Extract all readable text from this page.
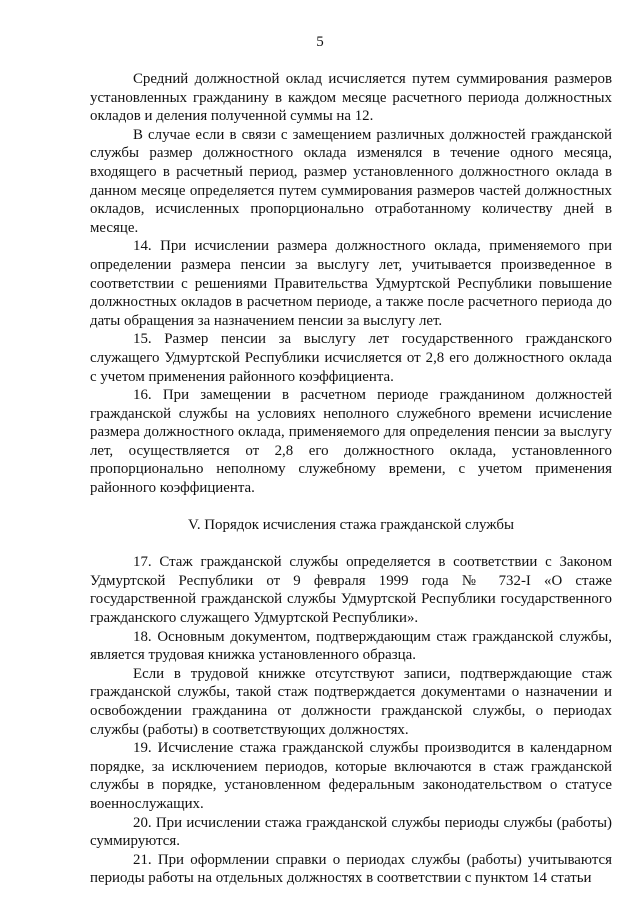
5

Средний должностной оклад исчисляется путем суммирования размеров установленных гражданину в каждом месяце расчетного периода должностных окладов и деления полученной суммы на 12.

В случае если в связи с замещением различных должностей гражданской службы размер должностного оклада изменялся в течение одного месяца, входящего в расчетный период, размер установленного должностного оклада в данном месяце определяется путем суммирования размеров частей должностных окладов, исчисленных пропорционально отработанному количеству дней в месяце.

14. При исчислении размера должностного оклада, применяемого при определении размера пенсии за выслугу лет, учитывается произведенное в соответствии с решениями Правительства Удмуртской Республики повышение должностных окладов в расчетном периоде, а также после расчетного периода до даты обращения за назначением пенсии за выслугу лет.

15. Размер пенсии за выслугу лет государственного гражданского служащего Удмуртской Республики исчисляется от 2,8 его должностного оклада с учетом применения районного коэффициента.

16. При замещении в расчетном периоде гражданином должностей гражданской службы на условиях неполного служебного времени исчисление размера должностного оклада, применяемого для определения пенсии за выслугу лет, осуществляется от 2,8 его должностного оклада, установленного пропорционально неполному служебному времени, с учетом применения районного коэффициента.

V. Порядок исчисления стажа гражданской службы

17. Стаж гражданской службы определяется в соответствии с Законом Удмуртской Республики от 9 февраля 1999 года № 732-I «О стаже государственной гражданской службы Удмуртской Республики государственного гражданского служащего Удмуртской Республики».

18. Основным документом, подтверждающим стаж гражданской службы, является трудовая книжка установленного образца.

Если в трудовой книжке отсутствуют записи, подтверждающие стаж гражданской службы, такой стаж подтверждается документами о назначении и освобождении гражданина от должности гражданской службы, о периодах службы (работы) в соответствующих должностях.

19. Исчисление стажа гражданской службы производится в календарном порядке, за исключением периодов, которые включаются в стаж гражданской службы в порядке, установленном федеральным законодательством о статусе военнослужащих.

20. При исчислении стажа гражданской службы периоды службы (работы) суммируются.

21. При оформлении справки о периодах службы (работы) учитываются периоды работы на отдельных должностях в соответствии с пунктом 14 статьи
